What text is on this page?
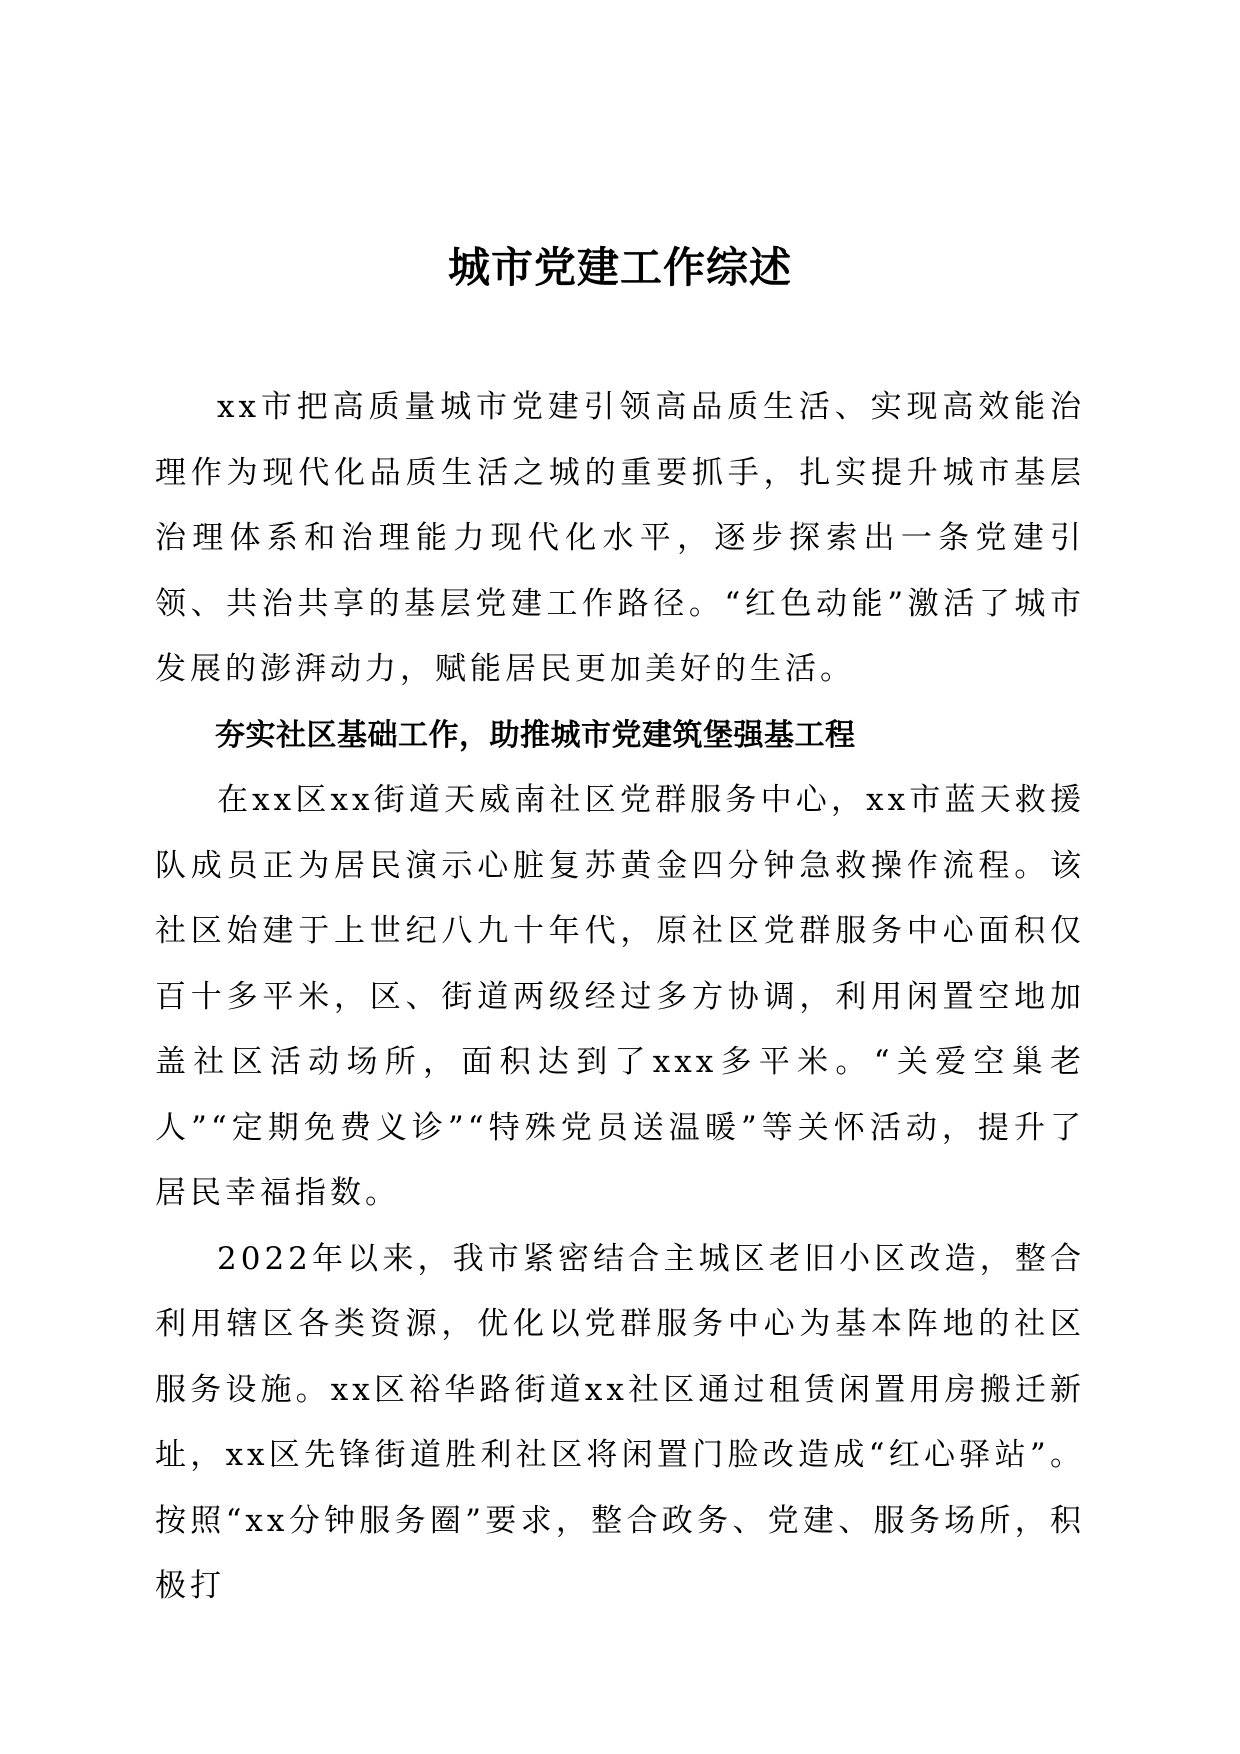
城市党建工作综述

xx市把高质量城市党建引领高品质生活、实现高效能治理作为现代化品质生活之城的重要抓手，扎实提升城市基层治理体系和治理能力现代化水平，逐步探索出一条党建引领、共治共享的基层党建工作路径。“红色动能”激活了城市发展的澎湃动力，赋能居民更加美好的生活。

夯实社区基础工作，助推城市党建筑堡强基工程

在xx区xx街道天威南社区党群服务中心，xx市蓝天救援队成员正为居民演示心脏复苏黄金四分钟急救操作流程。该社区始建于上世纪八九十年代，原社区党群服务中心面积仅百十多平米，区、街道两级经过多方协调，利用闲置空地加盖社区活动场所，面积达到了xxx多平米。“关爱空巢老人”“定期免费义诊”“特殊党员送温暖”等关怀活动，提升了居民幸福指数。

2022年以来，我市紧密结合主城区老旧小区改造，整合利用辖区各类资源，优化以党群服务中心为基本阵地的社区服务设施。xx区裕华路街道xx社区通过租赁闲置用房搬迁新址，xx区先锋街道胜利社区将闲置门脸改造成“红心驿站”。按照“xx分钟服务圈”要求，整合政务、党建、服务场所，积极打
